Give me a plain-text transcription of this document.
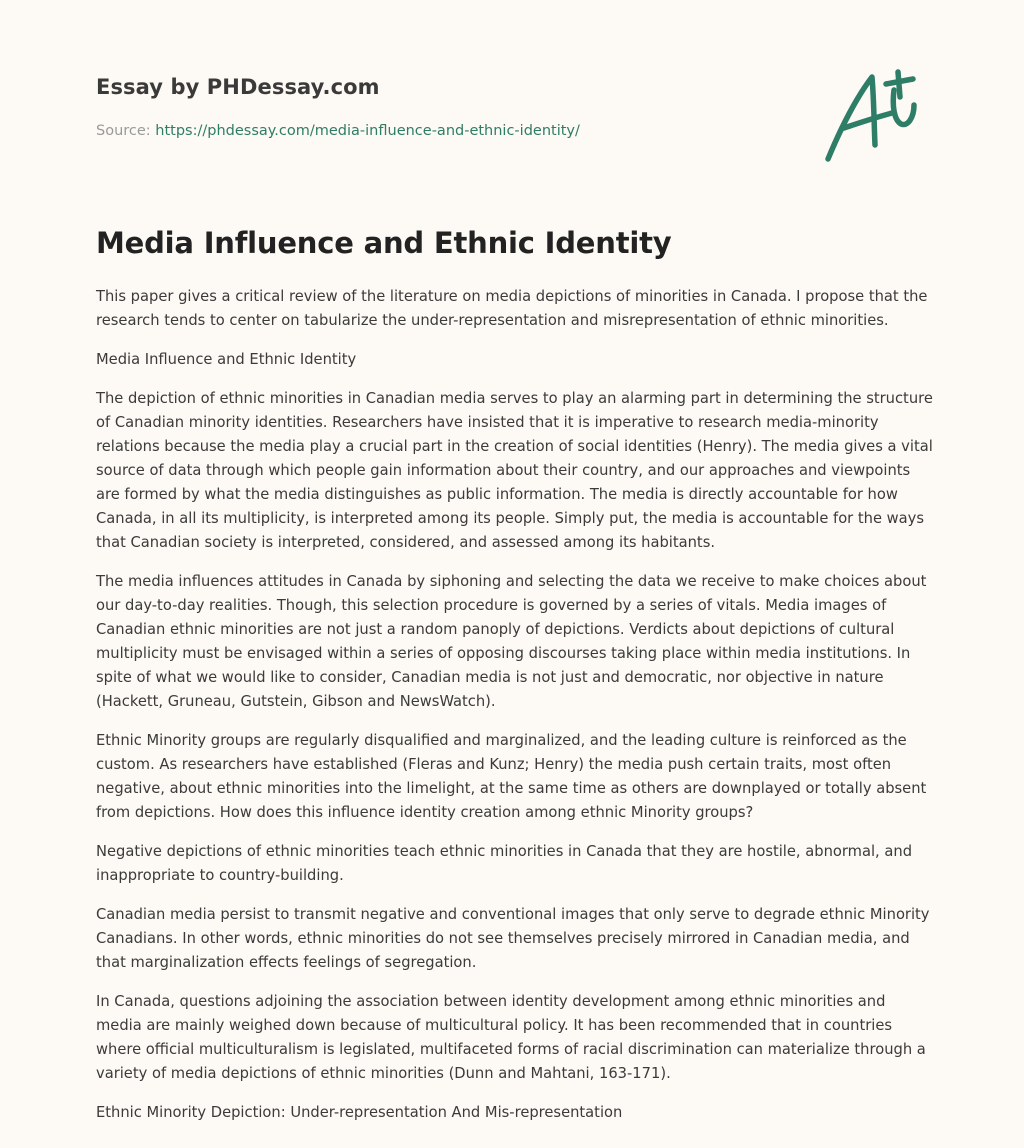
Essay by PHDessay.com
Source: https://phdessay.com/media-influence-and-ethnic-identity/
Media Influence and Ethnic Identity

This paper gives a critical review of the literature on media depictions of minorities in Canada. I propose that the research tends to center on tabularize the under-representation and misrepresentation of ethnic minorities.

Media Influence and Ethnic Identity

The depiction of ethnic minorities in Canadian media serves to play an alarming part in determining the structure of Canadian minority identities. Researchers have insisted that it is imperative to research media-minority relations because the media play a crucial part in the creation of social identities (Henry). The media gives a vital source of data through which people gain information about their country, and our approaches and viewpoints are formed by what the media distinguishes as public information. The media is directly accountable for how Canada, in all its multiplicity, is interpreted among its people. Simply put, the media is accountable for the ways that Canadian society is interpreted, considered, and assessed among its habitants.

The media influences attitudes in Canada by siphoning and selecting the data we receive to make choices about our day-to-day realities. Though, this selection procedure is governed by a series of vitals. Media images of Canadian ethnic minorities are not just a random panoply of depictions. Verdicts about depictions of cultural multiplicity must be envisaged within a series of opposing discourses taking place within media institutions. In spite of what we would like to consider, Canadian media is not just and democratic, nor objective in nature (Hackett, Gruneau, Gutstein, Gibson and NewsWatch).

Ethnic Minority groups are regularly disqualified and marginalized, and the leading culture is reinforced as the custom. As researchers have established (Fleras and Kunz; Henry) the media push certain traits, most often negative, about ethnic minorities into the limelight, at the same time as others are downplayed or totally absent from depictions. How does this influence identity creation among ethnic Minority groups?

Negative depictions of ethnic minorities teach ethnic minorities in Canada that they are hostile, abnormal, and inappropriate to country-building.

Canadian media persist to transmit negative and conventional images that only serve to degrade ethnic Minority Canadians. In other words, ethnic minorities do not see themselves precisely mirrored in Canadian media, and that marginalization effects feelings of segregation.

In Canada, questions adjoining the association between identity development among ethnic minorities and media are mainly weighed down because of multicultural policy. It has been recommended that in countries where official multiculturalism is legislated, multifaceted forms of racial discrimination can materialize through a variety of media depictions of ethnic minorities (Dunn and Mahtani, 163-171).

Ethnic Minority Depiction: Under-representation And Mis-representation
